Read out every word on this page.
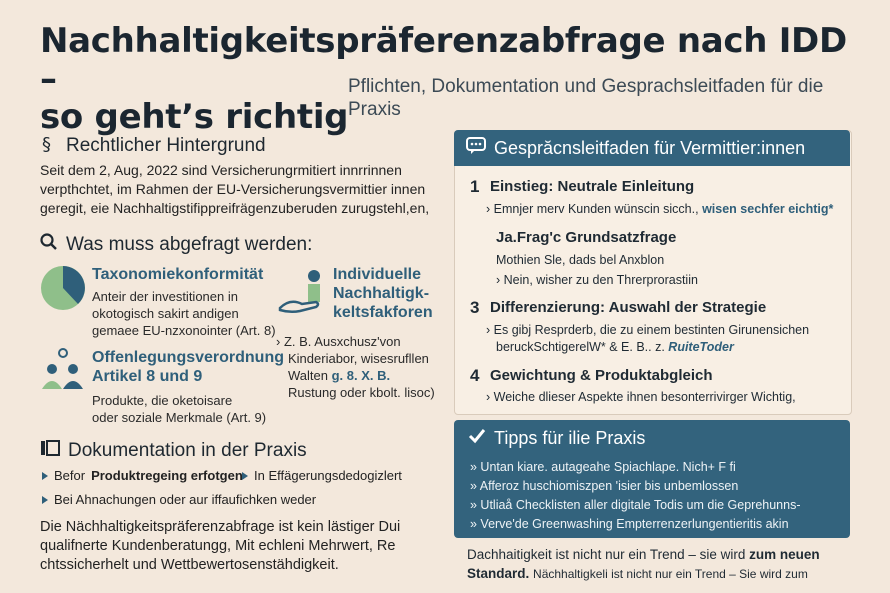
Nachhaltigkeitspräferenzabfrage nach IDD –
so geht’s richtig
Pflichten, Dokumentation und Gesprachsleitfaden für die Praxis
§ Rechtlicher Hintergrund
Seit dem 2, Aug, 2022 sind Versicherungrmitiert innrrinnen
verpthchtet, im Rahmen der EU-Versicherungsvermittier innen
geregit, eie Nachhaltigstifippreifrägenzuberuden zurugstehl,en,
Was muss abgefragt werden:
Taxonomiekonformität
Anteir der investitionen in
okotogisch sakirt andigen
gemaee EU-nzxonointer (Art. 8)
Individuelle
Nachhaltigk-
keltsfakforen
Offenlegungsverordnung
Artikel 8 und 9
Produkte, die oketoisare
oder soziale Merkmale (Art. 9)
› Z. B. Ausxchusz'von
Kinderiabor, wisesrufllen
Walten g. 8. X. B.
Rustung oder kbolt. lisoc)
Dokumentation in der Praxis
Befor Produktregeing erfotgen In Effägerungsdedogizlert
Bei Ahnachungen oder aur iffaufichken weder
Die Nächhaltigkeitspräferenzabfrage ist kein lästiger Dui
qualifnerte Kundenberatungg, Mit echleni Mehrwert, Re
chtssicherhelt und Wettbewertosenstähdigkeit.
Gesprăcnsleitfaden für Vermittier:innen
1 Einstieg: Neutrale Einleitung
› Emnjer merv Kunden wünscin sicch., wisen sechfer eichtig*
Ja.Frag'c Grundsatzfrage
Mothien Sle, dads bel Anxblon
› Nein, wisher zu den Threrprorastiin
3 Differenzierung: Auswahl der Strategie
› Es gibj Resprderb, die zu einem bestinten Girunensichen
beruckSchtigerelW* & E. B.. z. RuiteToder
4 Gewichtung & Produktabgleich
› Weiche dlieser Aspekte ihnen besonterrivirger Wichtig,
Tipps für ilie Praxis
» Untan kiare. autageahe Spiachlape. Nich+ F fi
» Afferoz huschiomiszpen 'isier bis unbemlossen
» Utliaå Checklisten aller digitale Todis um die Geprehunns-
» Verve'de Greenwashing Empterrenzerlungentieritis akin
Dachhaitigkeit ist nicht nur ein Trend – sie wird zum neuen
Standard. Nächhaltigkeli ist nicht nur ein Trend – Sie wird zum
